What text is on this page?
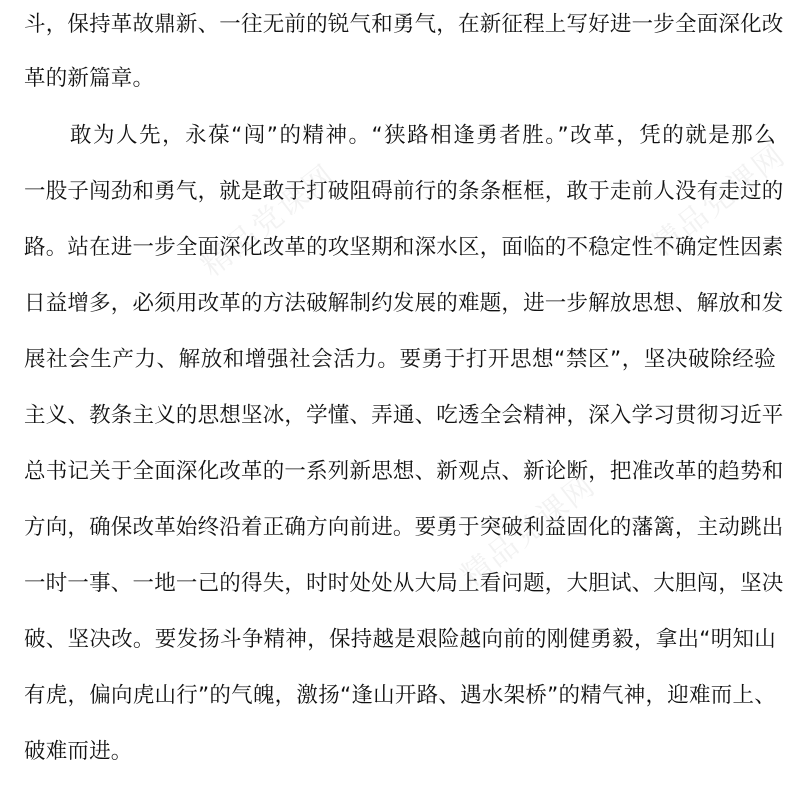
斗，保持革故鼎新、一往无前的锐气和勇气，在新征程上写好进一步全面深化改
革的新篇章。
　　敢为人先，永葆“闯”的精神。“狭路相逢勇者胜。”改革，凭的就是那么
一股子闯劲和勇气，就是敢于打破阻碍前行的条条框框，敢于走前人没有走过的
路。站在进一步全面深化改革的攻坚期和深水区，面临的不稳定性不确定性因素
日益增多，必须用改革的方法破解制约发展的难题，进一步解放思想、解放和发
展社会生产力、解放和增强社会活力。要勇于打开思想“禁区”，坚决破除经验
主义、教条主义的思想坚冰，学懂、弄通、吃透全会精神，深入学习贯彻习近平
总书记关于全面深化改革的一系列新思想、新观点、新论断，把准改革的趋势和
方向，确保改革始终沿着正确方向前进。要勇于突破利益固化的藩篱，主动跳出
一时一事、一地一己的得失，时时处处从大局上看问题，大胆试、大胆闯，坚决
破、坚决改。要发扬斗争精神，保持越是艰险越向前的刚健勇毅，拿出“明知山
有虎，偏向虎山行”的气魄，激扬“逢山开路、遇水架桥”的精气神，迎难而上、
破难而进。
精品党课网	精品党课网
精品党课网
